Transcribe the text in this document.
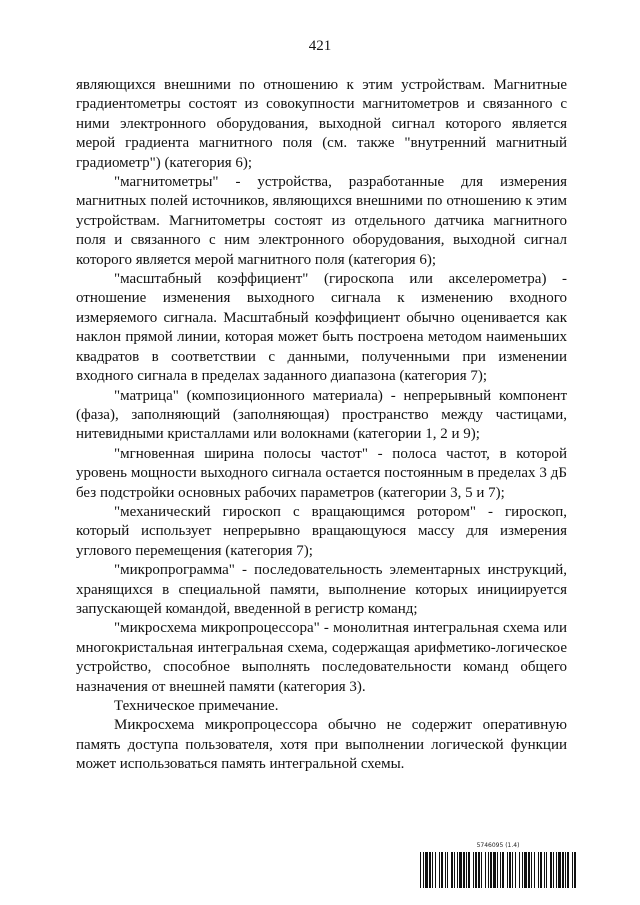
421

являющихся внешними по отношению к этим устройствам. Магнитные градиентометры состоят из совокупности магнитометров и связанного с ними электронного оборудования, выходной сигнал которого является мерой градиента магнитного поля (см. также "внутренний магнитный градиометр") (категория 6);

"магнитометры" - устройства, разработанные для измерения магнитных полей источников, являющихся внешними по отношению к этим устройствам. Магнитометры состоят из отдельного датчика магнитного поля и связанного с ним электронного оборудования, выходной сигнал которого является мерой магнитного поля (категория 6);

"масштабный коэффициент" (гироскопа или акселерометра) - отношение изменения выходного сигнала к изменению входного измеряемого сигнала. Масштабный коэффициент обычно оценивается как наклон прямой линии, которая может быть построена методом наименьших квадратов в соответствии с данными, полученными при изменении входного сигнала в пределах заданного диапазона (категория 7);

"матрица" (композиционного материала) - непрерывный компонент (фаза), заполняющий (заполняющая) пространство между частицами, нитевидными кристаллами или волокнами (категории 1, 2 и 9);

"мгновенная ширина полосы частот" - полоса частот, в которой уровень мощности выходного сигнала остается постоянным в пределах 3 дБ без подстройки основных рабочих параметров (категории 3, 5 и 7);

"механический гироскоп с вращающимся ротором" - гироскоп, который использует непрерывно вращающуюся массу для измерения углового перемещения (категория 7);

"микропрограмма" - последовательность элементарных инструкций, хранящихся в специальной памяти, выполнение которых инициируется запускающей командой, введенной в регистр команд;

"микросхема микропроцессора" - монолитная интегральная схема или многокристальная интегральная схема, содержащая арифметико-логическое устройство, способное выполнять последовательности команд общего назначения от внешней памяти (категория 3).

Техническое примечание.

Микросхема микропроцессора обычно не содержит оперативную память доступа пользователя, хотя при выполнении логической функции может использоваться память интегральной схемы.

5746095 (1.4)
